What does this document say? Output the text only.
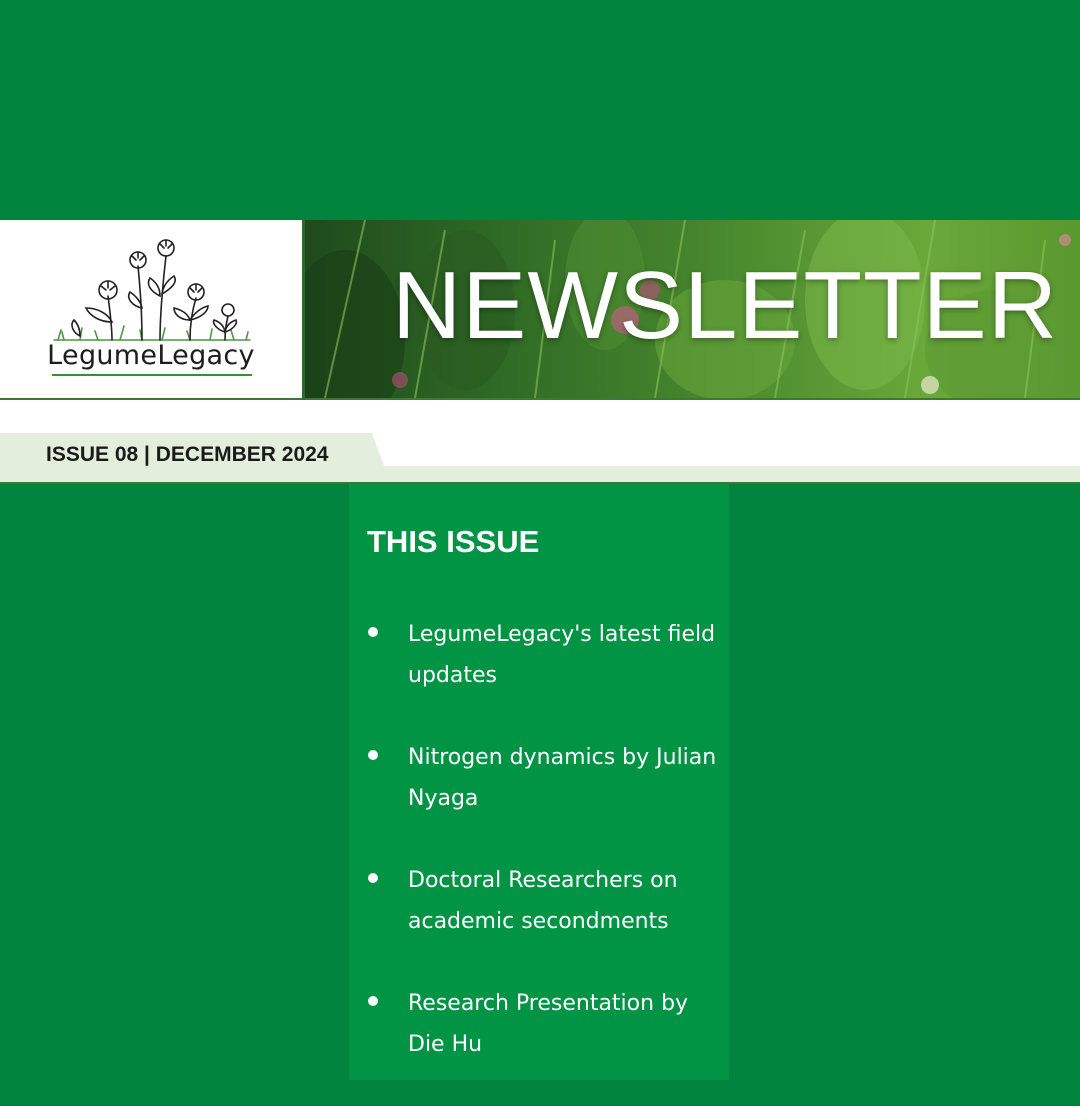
LegumeLegacy	NEWSLETTER
ISSUE 08 | DECEMBER 2024
THIS ISSUE
LegumeLegacy's latest field updates
Nitrogen dynamics by Julian Nyaga
Doctoral Researchers on academic secondments
Research Presentation by Die Hu
